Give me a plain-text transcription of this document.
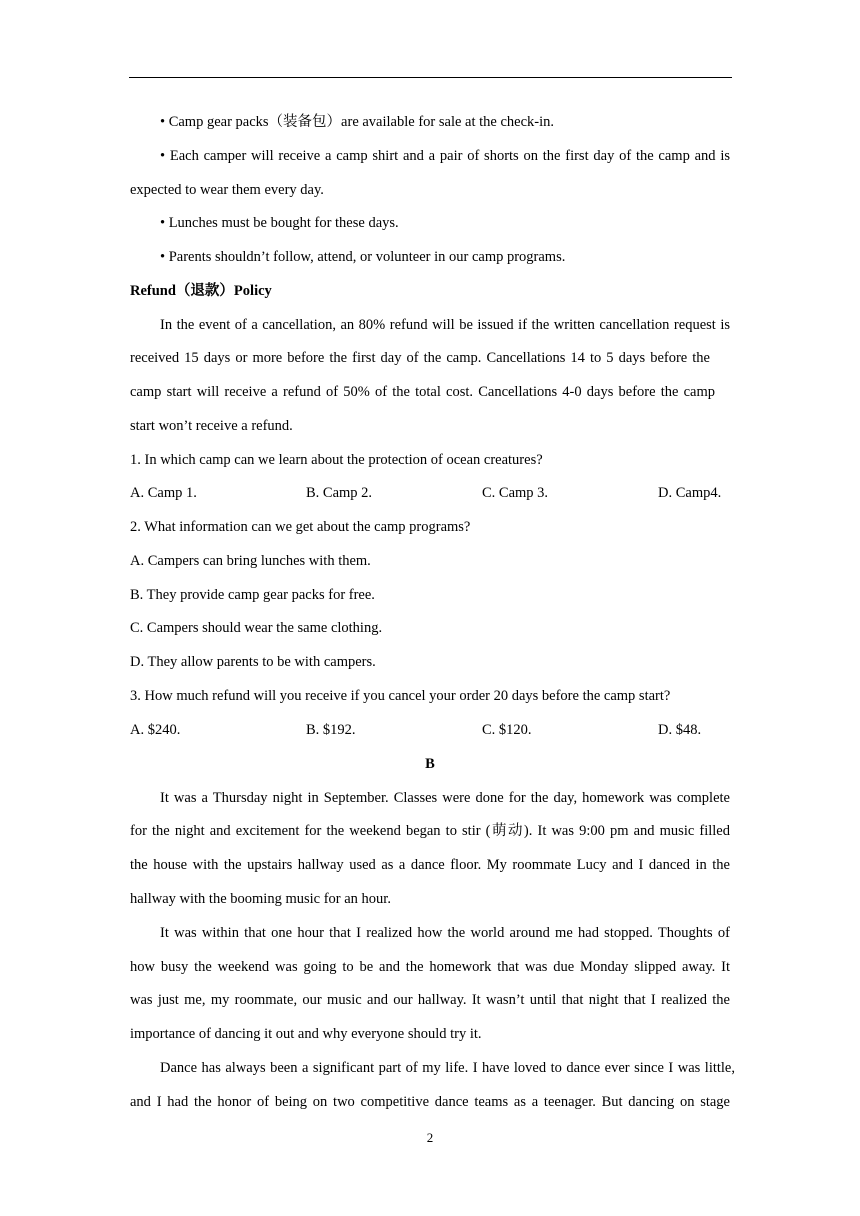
• Camp gear packs（装备包）are available for sale at the check-in.
• Each camper will receive a camp shirt and a pair of shorts on the first day of the camp and is
expected to wear them every day.
• Lunches must be bought for these days.
• Parents shouldn’t follow, attend, or volunteer in our camp programs.
Refund（退款）Policy
In the event of a cancellation, an 80% refund will be issued if the written cancellation request is
received 15 days or more before the first day of the camp. Cancellations 14 to 5 days before the
camp start will receive a refund of 50% of the total cost. Cancellations 4-0 days before the camp
start won’t receive a refund.
1. In which camp can we learn about the protection of ocean creatures?
A. Camp 1.	B. Camp 2.	C. Camp 3.	D. Camp4.
2. What information can we get about the camp programs?
A. Campers can bring lunches with them.
B. They provide camp gear packs for free.
C. Campers should wear the same clothing.
D. They allow parents to be with campers.
3. How much refund will you receive if you cancel your order 20 days before the camp start?
A. $240.	B. $192.	C. $120.	D. $48.
B
It was a Thursday night in September. Classes were done for the day, homework was complete
for the night and excitement for the weekend began to stir (萌动). It was 9:00 pm and music filled
the house with the upstairs hallway used as a dance floor. My roommate Lucy and I danced in the
hallway with the booming music for an hour.
It was within that one hour that I realized how the world around me had stopped. Thoughts of
how busy the weekend was going to be and the homework that was due Monday slipped away. It
was just me, my roommate, our music and our hallway. It wasn’t until that night that I realized the
importance of dancing it out and why everyone should try it.
Dance has always been a significant part of my life. I have loved to dance ever since I was little,
and I had the honor of being on two competitive dance teams as a teenager. But dancing on stage
2
